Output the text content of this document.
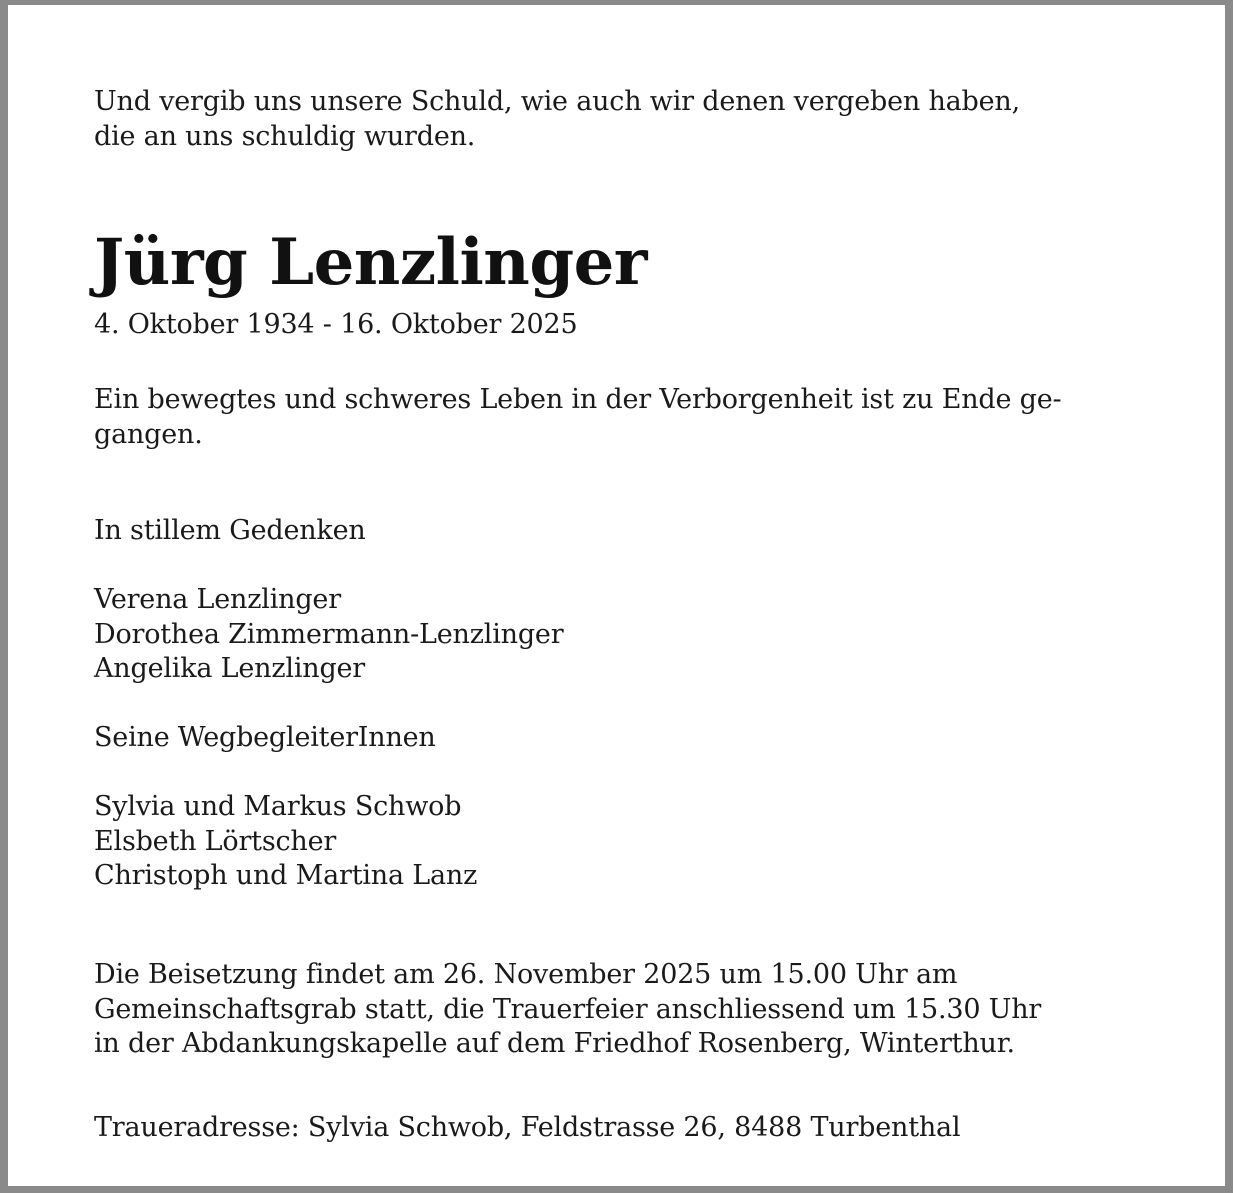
Und vergib uns unsere Schuld, wie auch wir denen vergeben haben,
die an uns schuldig wurden.

Jürg Lenzlinger

4. Oktober 1934 - 16. Oktober 2025

Ein bewegtes und schweres Leben in der Verborgenheit ist zu Ende ge-
gangen.

In stillem Gedenken

Verena Lenzlinger
Dorothea Zimmermann-Lenzlinger
Angelika Lenzlinger

Seine WegbegleiterInnen

Sylvia und Markus Schwob
Elsbeth Lörtscher
Christoph und Martina Lanz

Die Beisetzung findet am 26. November 2025 um 15.00 Uhr am
Gemeinschaftsgrab statt, die Trauerfeier anschliessend um 15.30 Uhr
in der Abdankungskapelle auf dem Friedhof Rosenberg, Winterthur.

Traueradresse: Sylvia Schwob, Feldstrasse 26, 8488 Turbenthal
